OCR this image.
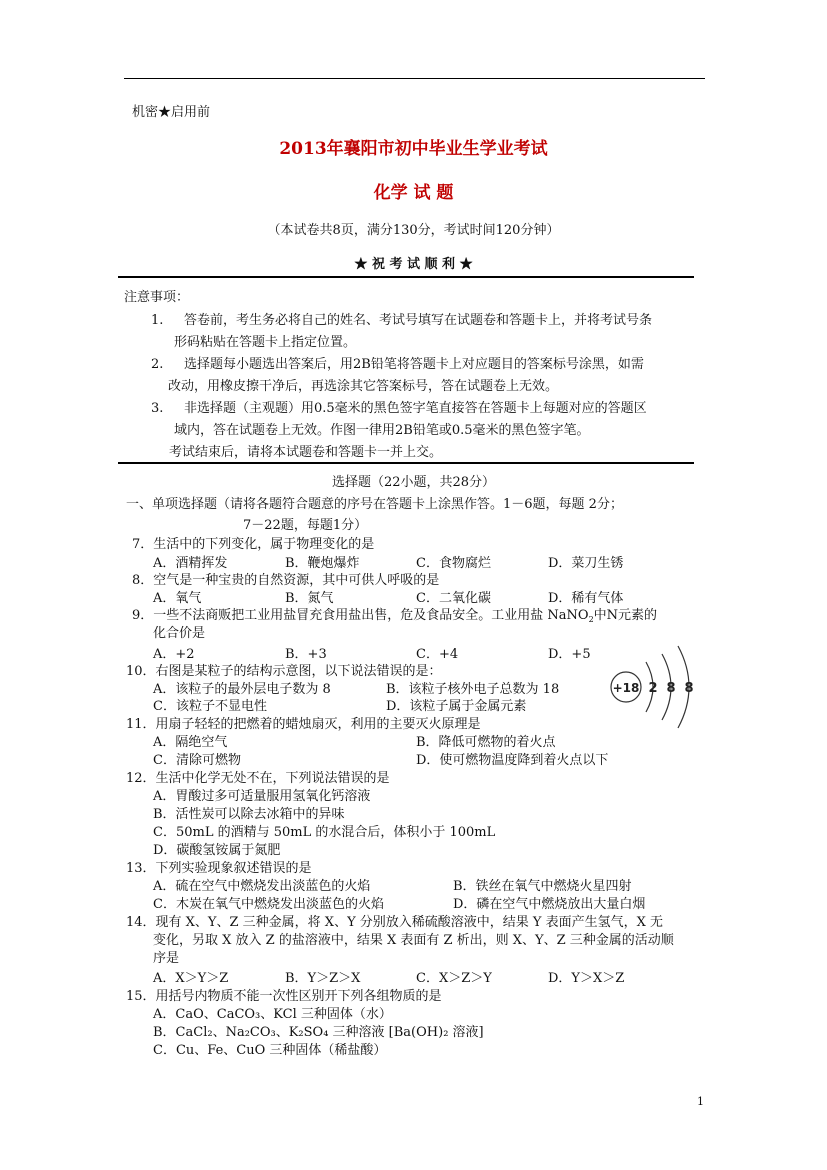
机密★启用前
2013年襄阳市初中毕业生学业考试
化学 试 题
（本试卷共8页，满分130分，考试时间120分钟）
★ 祝 考 试 顺 利 ★
注意事项：
1. 答卷前，考生务必将自己的姓名、考试号填写在试题卷和答题卡上，并将考试号条
形码粘贴在答题卡上指定位置。
2. 选择题每小题选出答案后，用2B铅笔将答题卡上对应题目的答案标号涂黑，如需
改动，用橡皮擦干净后，再选涂其它答案标号，答在试题卷上无效。
3. 非选择题（主观题）用0.5毫米的黑色签字笔直接答在答题卡上每题对应的答题区
域内，答在试题卷上无效。作图一律用2B铅笔或0.5毫米的黑色签字笔。
考试结束后，请将本试题卷和答题卡一并上交。
选择题（22小题，共28分）
一、单项选择题（请将各题符合题意的序号在答题卡上涂黑作答。1－6题，每题 2分；
7－22题，每题1分）
7．生活中的下列变化，属于物理变化的是
A．酒精挥发	B．鞭炮爆炸	C．食物腐烂	D．菜刀生锈
8．空气是一种宝贵的自然资源，其中可供人呼吸的是
A．氧气	B．氮气	C．二氧化碳	D．稀有气体
9．一些不法商贩把工业用盐冒充食用盐出售，危及食品安全。工业用盐 NaNO$_2$中N元素的
化合价是
A．+2	B．+3	C．+4	D．+5
10．右图是某粒子的结构示意图，以下说法错误的是：
A．该粒子的最外层电子数为 8	B．该粒子核外电子总数为 18
C．该粒子不显电性	D．该粒子属于金属元素
+18 2 8 8
11．用扇子轻轻的把燃着的蜡烛扇灭，利用的主要灭火原理是
A．隔绝空气	B．降低可燃物的着火点
C．清除可燃物	D．使可燃物温度降到着火点以下
12．生活中化学无处不在，下列说法错误的是
A．胃酸过多可适量服用氢氧化钙溶液
B．活性炭可以除去冰箱中的异味
C．50mL 的酒精与 50mL 的水混合后，体积小于 100mL
D．碳酸氢铵属于氮肥
13．下列实验现象叙述错误的是
A．硫在空气中燃烧发出淡蓝色的火焰	B．铁丝在氧气中燃烧火星四射
C．木炭在氧气中燃烧发出淡蓝色的火焰	D．磷在空气中燃烧放出大量白烟
14．现有 X、Y、Z 三种金属，将 X、Y 分别放入稀硫酸溶液中，结果 Y 表面产生氢气，X 无
变化，另取 X 放入 Z 的盐溶液中，结果 X 表面有 Z 析出，则 X、Y、Z 三种金属的活动顺
序是
A．X＞Y＞Z	B．Y＞Z＞X	C．X＞Z＞Y	D．Y＞X＞Z
15．用括号内物质不能一次性区别开下列各组物质的是
A．CaO、CaCO₃、KCl 三种固体（水）
B．CaCl₂、Na₂CO₃、K₂SO₄ 三种溶液 [Ba(OH)₂ 溶液]
C．Cu、Fe、CuO 三种固体（稀盐酸）
1
